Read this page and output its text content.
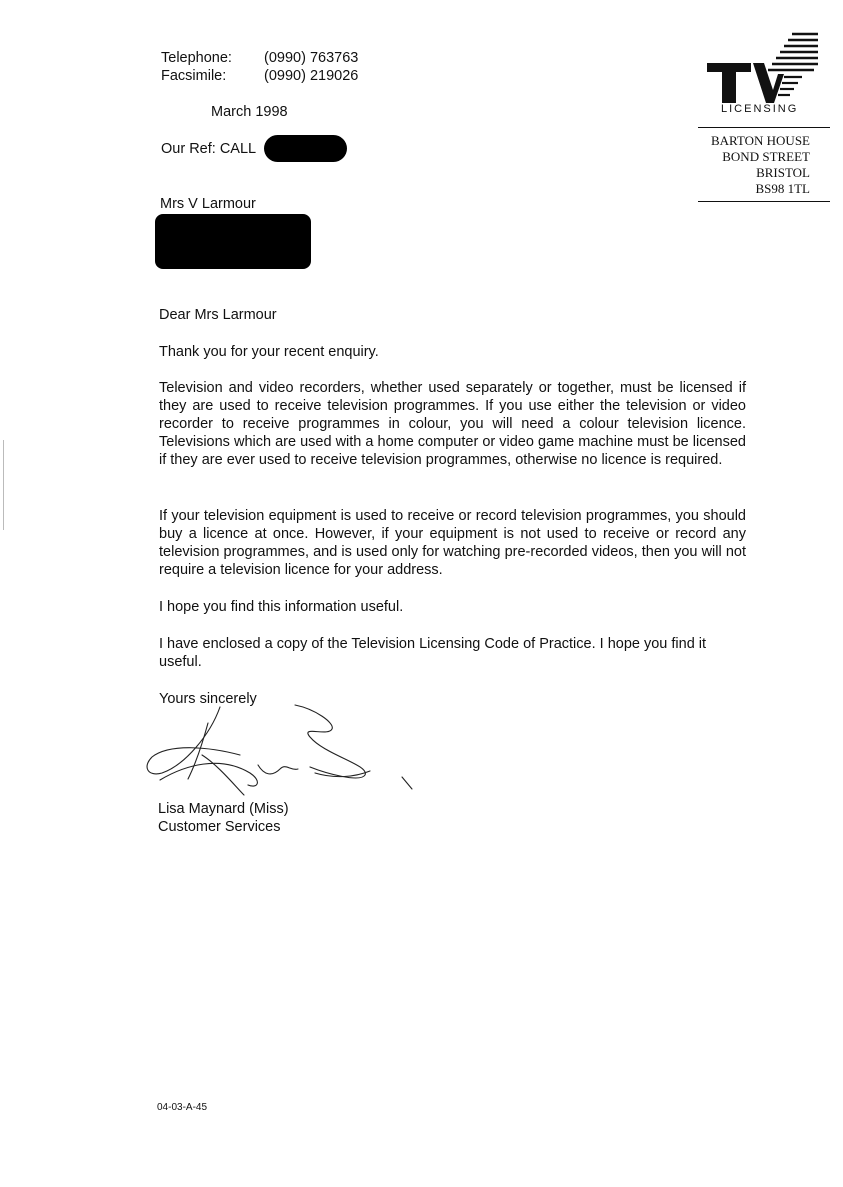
Telephone:	(0990) 763763
Facsimile:	(0990) 219026
March 1998
Our Ref: CALL
LICENSING
BARTON HOUSE
BOND STREET
BRISTOL
BS98 1TL
Mrs V Larmour
Dear Mrs Larmour
Thank you for your recent enquiry.
Television and video recorders, whether used separately or together, must be licensed if they are used to receive television programmes. If you use either the television or video recorder to receive programmes in colour, you will need a colour television licence. Televisions which are used with a home computer or video game machine must be licensed if they are ever used to receive television programmes, otherwise no licence is required.
If your television equipment is used to receive or record television programmes, you should buy a licence at once. However, if your equipment is not used to receive or record any television programmes, and is used only for watching pre-recorded videos, then you will not require a television licence for your address.
I hope you find this information useful.
I have enclosed a copy of the Television Licensing Code of Practice. I hope you find it useful.
Yours sincerely
Lisa Maynard (Miss)
Customer Services
04-03-A-45
